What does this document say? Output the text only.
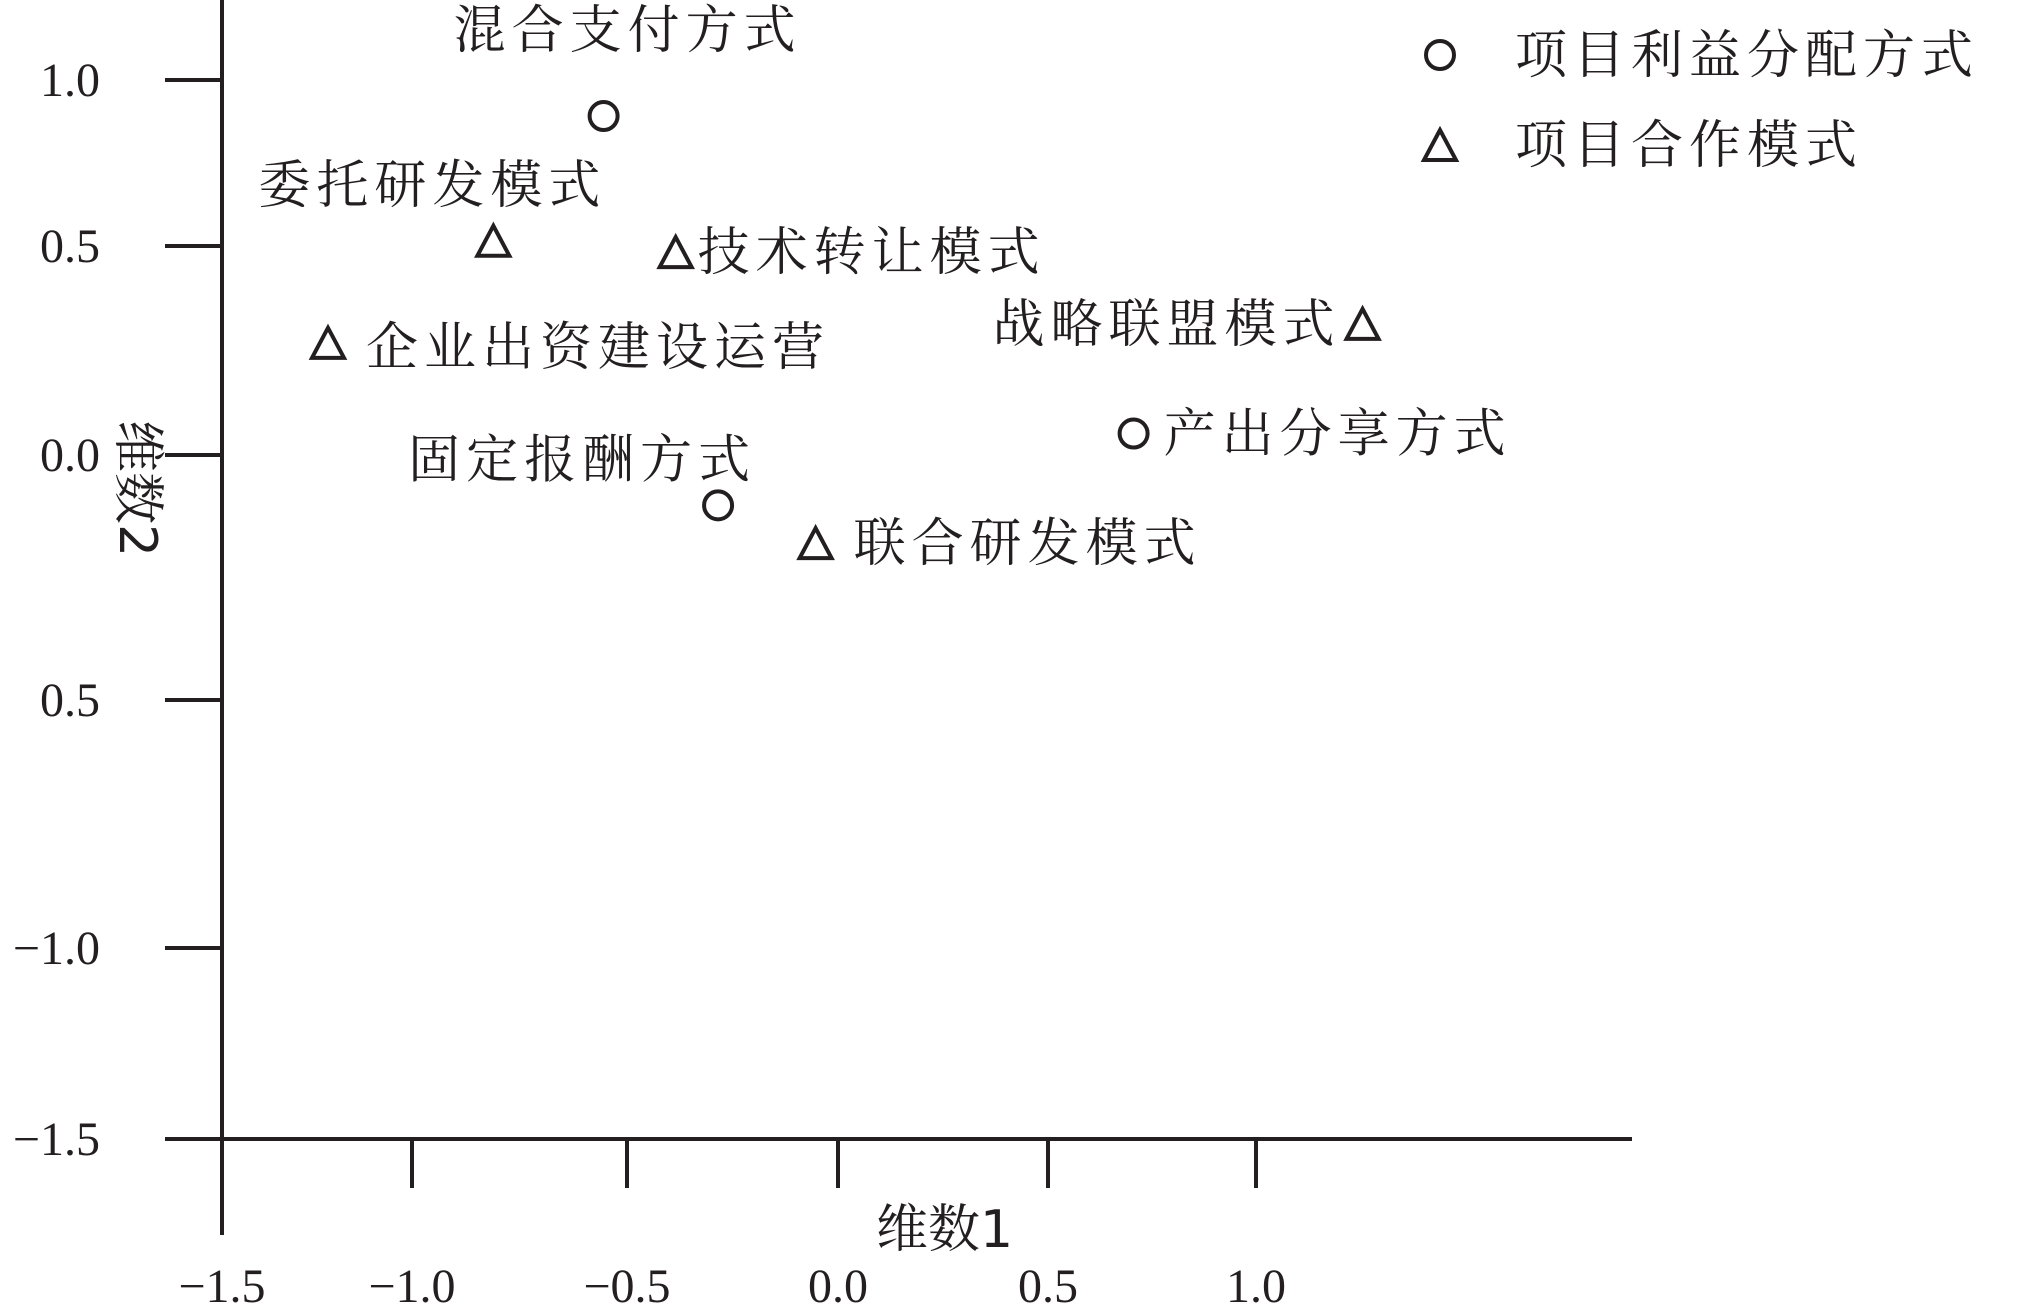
1.0
0.5
0.0
0.5
−1.0
−1.5
−1.5 −1.0	−0.5	0.0	0.5	1.0
混合支付方式
产出分享方式
固定报酬方式
委托研发模式
技术转让模式
企业出资建设运营	战略联盟模式
联合研发模式
项目利益分配方式
项目合作模式
维数1
维数2
